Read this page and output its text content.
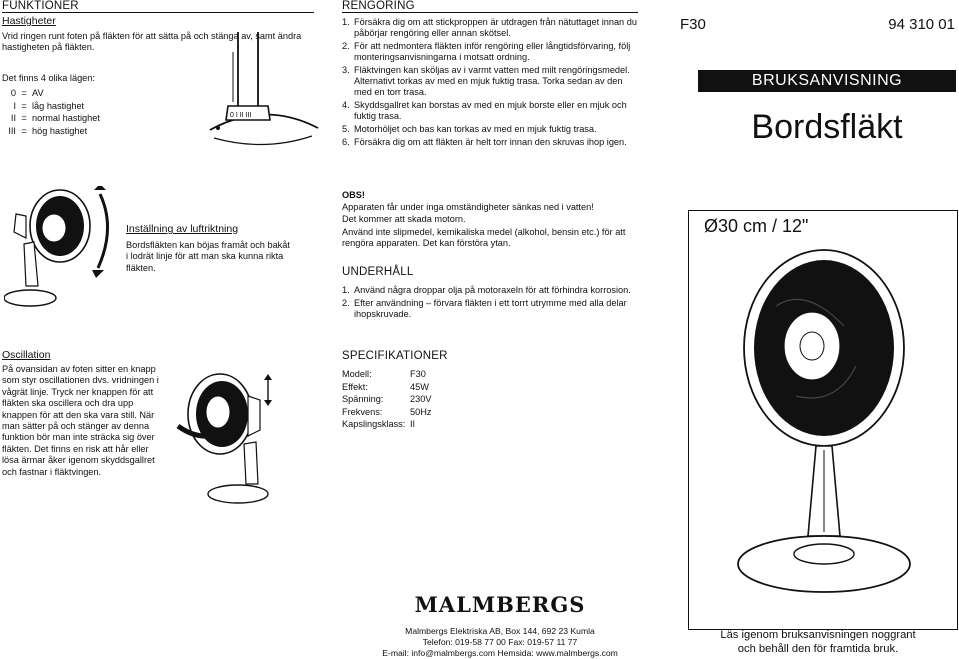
FUNKTIONER
Hastigheter
Vrid ringen runt foten på fläkten för att sätta på och stänga av, samt ändra hastigheten på fläkten.
Det finns 4 olika lägen:
0 = AV
I = låg hastighet
II = normal hastighet
III = hög hastighet
0 I II III
Inställning av luftriktning
Bordsfläkten kan böjas framåt och bakåt i lodrät linje för att man ska kunna rikta fläkten.
Oscillation
På ovansidan av foten sitter en knapp som styr oscillationen dvs. vridningen i vågrät linje. Tryck ner knappen för att fläkten ska oscillera och dra upp knappen för att den ska vara still. När man sätter på och stänger av denna funktion bör man inte sträcka sig över fläkten. Det finns en risk att hår eller lösa ärmar åker igenom skyddsgallret och fastnar i fläktvingen.
RENGÖRING
1. Försäkra dig om att stickproppen är utdragen från nätuttaget innan du påbörjar rengöring eller annan skötsel.
2. För att nedmontera fläkten inför rengöring eller långtidsförvaring, följ monteringsanvisningarna i motsatt ordning.
3. Fläktvingen kan sköljas av i varmt vatten med milt rengöringsmedel. Alternativt torkas av med en mjuk fuktig trasa. Torka sedan av den med en torr trasa.
4. Skyddsgallret kan borstas av med en mjuk borste eller en mjuk och fuktig trasa.
5. Motorhöljet och bas kan torkas av med en mjuk fuktig trasa.
6. Försäkra dig om att fläkten är helt torr innan den skruvas ihop igen.
OBS!
Apparaten får under inga omständigheter sänkas ned i vatten!
Det kommer att skada motorn.
Använd inte slipmedel, kemikaliska medel (alkohol, bensin etc.) för att rengöra apparaten. Det kan förstöra ytan.
UNDERHÅLL
1. Använd några droppar olja på motoraxeln för att förhindra korrosion.
2. Efter användning – förvara fläkten i ett torrt utrymme med alla delar ihopskruvade.
SPECIFIKATIONER
Modell:	F30
Effekt:	45W
Spänning:	230V
Frekvens:	50Hz
Kapslingsklass: II
MALMBERGS
Malmbergs Elektriska AB, Box 144, 692 23 Kumla
Telefon: 019-58 77 00 Fax: 019-57 11 77
E-mail: info@malmbergs.com Hemsida: www.malmbergs.com
F30	94 310 01
BRUKSANVISNING
Bordsfläkt
Ø30 cm / 12"
Läs igenom bruksanvisningen noggrant
och behåll den för framtida bruk.
